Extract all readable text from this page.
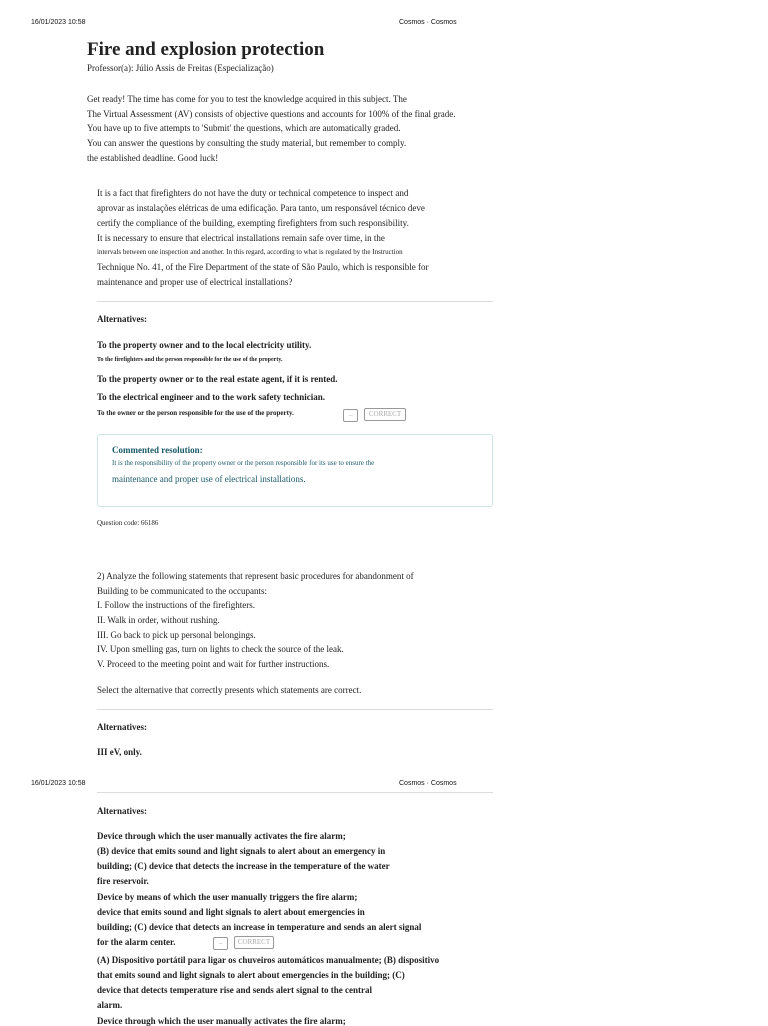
16/01/2023 10:58	Cosmos · Cosmos
Fire and explosion protection
Professor(a): Júlio Assis de Freitas (Especialização)
Get ready! The time has come for you to test the knowledge acquired in this subject. The
The Virtual Assessment (AV) consists of objective questions and accounts for 100% of the final grade.
You have up to five attempts to 'Submit' the questions, which are automatically graded.
You can answer the questions by consulting the study material, but remember to comply.
the established deadline. Good luck!
It is a fact that firefighters do not have the duty or technical competence to inspect and
aprovar as instalações elétricas de uma edificação. Para tanto, um responsável técnico deve
certify the compliance of the building, exempting firefighters from such responsibility.
It is necessary to ensure that electrical installations remain safe over time, in the
intervals between one inspection and another. In this regard, according to what is regulated by the Instruction
Technique No. 41, of the Fire Department of the state of São Paulo, which is responsible for
maintenance and proper use of electrical installations?
Alternatives:
To the property owner and to the local electricity utility.
To the firefighters and the person responsible for the use of the property.
To the property owner or to the real estate agent, if it is rented.
To the electrical engineer and to the work safety technician.
To the owner or the person responsible for the use of the property.	–	CORRECT
Commented resolution:
It is the responsibility of the property owner or the person responsible for its use to ensure the
maintenance and proper use of electrical installations.
Question code: 66186
2) Analyze the following statements that represent basic procedures for abandonment of
Building to be communicated to the occupants:
I. Follow the instructions of the firefighters.
II. Walk in order, without rushing.
III. Go back to pick up personal belongings.
IV. Upon smelling gas, turn on lights to check the source of the leak.
V. Proceed to the meeting point and wait for further instructions.
Select the alternative that correctly presents which statements are correct.
Alternatives:
III eV, only.
16/01/2023 10:58	Cosmos · Cosmos
Alternatives:
Device through which the user manually activates the fire alarm;
(B) device that emits sound and light signals to alert about an emergency in
building; (C) device that detects the increase in the temperature of the water
fire reservoir.
Device by means of which the user manually triggers the fire alarm;
device that emits sound and light signals to alert about emergencies in
building; (C) device that detects an increase in temperature and sends an alert signal
for the alarm center.	–	CORRECT
(A) Dispositivo portátil para ligar os chuveiros automáticos manualmente; (B) dispositivo
that emits sound and light signals to alert about emergencies in the building; (C)
device that detects temperature rise and sends alert signal to the central
alarm.
Device through which the user manually activates the fire alarm;
